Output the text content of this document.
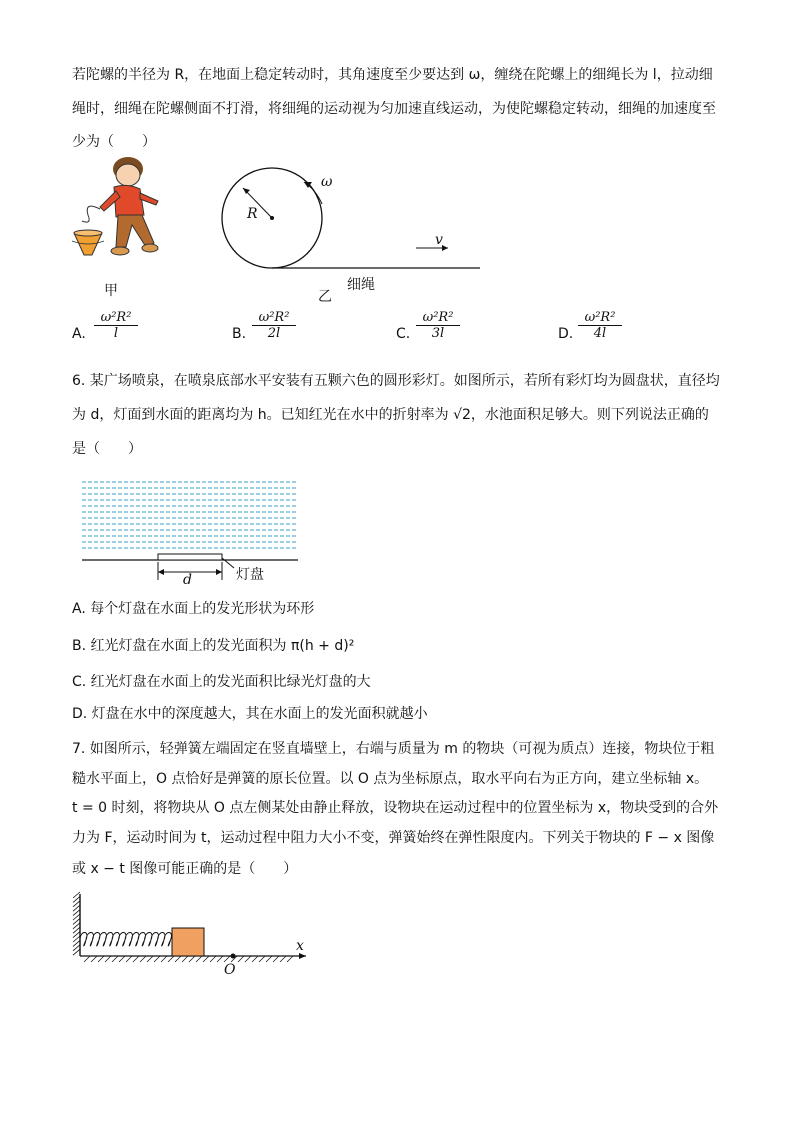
若陀螺的半径为 R，在地面上稳定转动时，其角速度至少要达到 ω，缠绕在陀螺上的细绳长为 l，拉动细
绳时，细绳在陀螺侧面不打滑，将细绳的运动视为匀加速直线运动，为使陀螺稳定转动，细绳的加速度至
少为（　　）
甲
R
ω
v
细绳
乙
A. $\frac{\text{ω²R²}}{l}$	B. $\frac{\text{ω²R²}}{2l}$	C. $\frac{\text{ω²R²}}{3l}$	D. $\frac{\text{ω²R²}}{4l}$
6. 某广场喷泉，在喷泉底部水平安装有五颗六色的圆形彩灯。如图所示，若所有彩灯均为圆盘状，直径均
为 d，灯面到水面的距离均为 h。已知红光在水中的折射率为 √2，水池面积足够大。则下列说法正确的
是（　　）
d	灯盘
A. 每个灯盘在水面上的发光形状为环形
B. 红光灯盘在水面上的发光面积为 π(h + d)²
C. 红光灯盘在水面上的发光面积比绿光灯盘的大
D. 灯盘在水中的深度越大，其在水面上的发光面积就越小
7. 如图所示，轻弹簧左端固定在竖直墙壁上，右端与质量为 m 的物块（可视为质点）连接，物块位于粗
糙水平面上，O 点恰好是弹簧的原长位置。以 O 点为坐标原点，取水平向右为正方向，建立坐标轴 x。
t = 0 时刻，将物块从 O 点左侧某处由静止释放，设物块在运动过程中的位置坐标为 x，物块受到的合外
力为 F，运动时间为 t，运动过程中阻力大小不变，弹簧始终在弹性限度内。下列关于物块的 F − x 图像
或 x − t 图像可能正确的是（　　）
x
O
